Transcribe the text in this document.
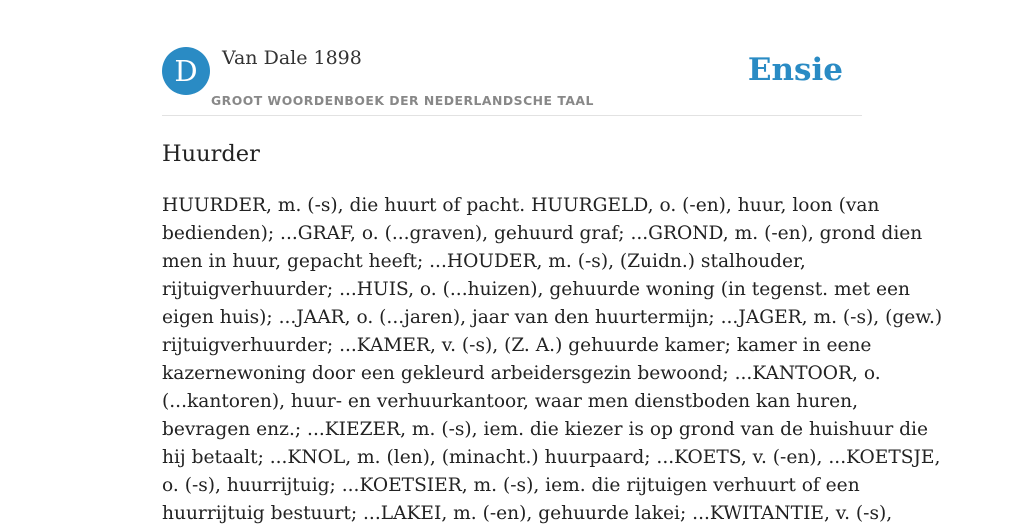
D	Van Dale 1898
GROOT WOORDENBOEK DER NEDERLANDSCHE TAAL
Ensie
Huurder
HUURDER, m. (-s), die huurt of pacht. HUURGELD, o. (-en), huur, loon (van
bedienden); ...GRAF, o. (...graven), gehuurd graf; ...GROND, m. (-en), grond dien
men in huur, gepacht heeft; ...HOUDER, m. (-s), (Zuidn.) stalhouder,
rijtuigverhuurder; ...HUIS, o. (...huizen), gehuurde woning (in tegenst. met een
eigen huis); ...JAAR, o. (...jaren), jaar van den huurtermijn; ...JAGER, m. (-s), (gew.)
rijtuigverhuurder; ...KAMER, v. (-s), (Z. A.) gehuurde kamer; kamer in eene
kazernewoning door een gekleurd arbeidersgezin bewoond; ...KANTOOR, o.
(...kantoren), huur- en verhuurkantoor, waar men dienstboden kan huren,
bevragen enz.; ...KIEZER, m. (-s), iem. die kiezer is op grond van de huishuur die
hij betaalt; ...KNOL, m. (len), (minacht.) huurpaard; ...KOETS, v. (-en), ...KOETSJE,
o. (-s), huurrijtuig; ...KOETSIER, m. (-s), iem. die rijtuigen verhuurt of een
huurrijtuig bestuurt; ...LAKEI, m. (-en), gehuurde lakei; ...KWITANTIE, v. (-s),
